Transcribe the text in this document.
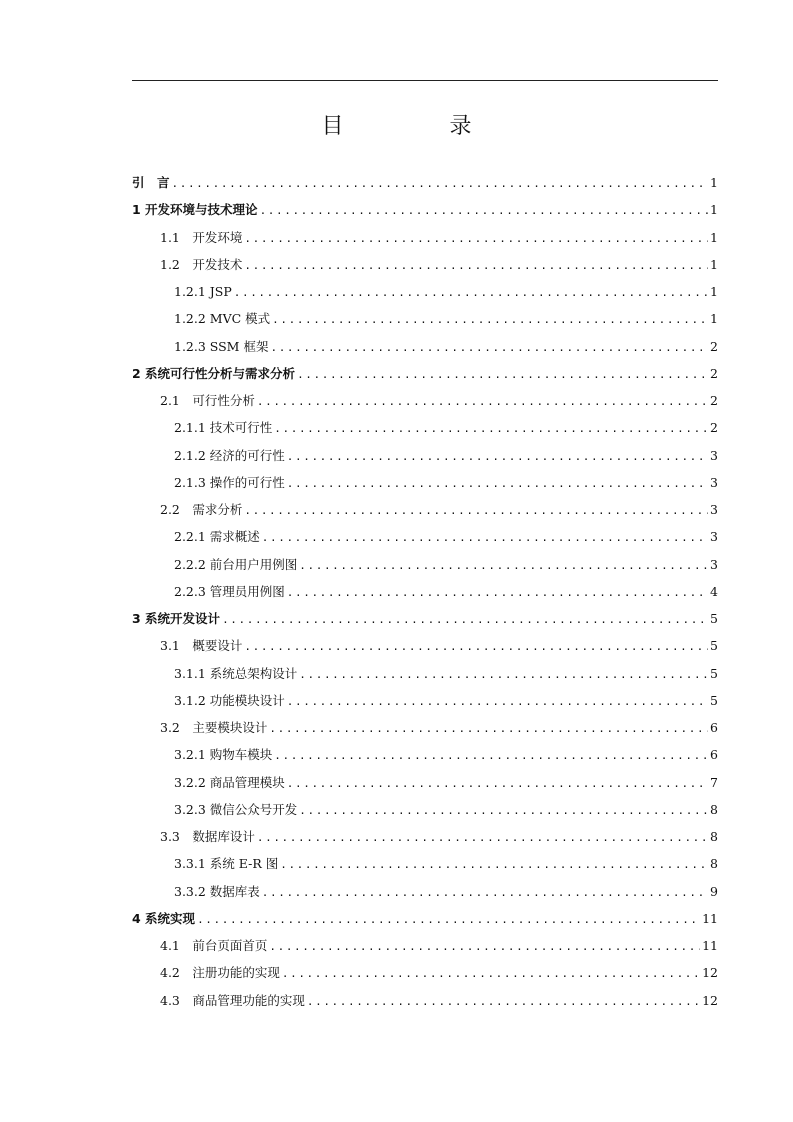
目　录
引　言 .....	1
1 开发环境与技术理论 .....	1
1.1　开发环境 .....	1
1.2　开发技术 .....	1
1.2.1 JSP .....	1
1.2.2 MVC 模式 .....	1
1.2.3 SSM 框架 .....	2
2 系统可行性分析与需求分析 .....	2
2.1　可行性分析 .....	2
2.1.1 技术可行性 .....	2
2.1.2 经济的可行性 .....	3
2.1.3 操作的可行性 .....	3
2.2　需求分析 .....	3
2.2.1 需求概述 .....	3
2.2.2 前台用户用例图 .....	3
2.2.3 管理员用例图 .....	4
3 系统开发设计 .....	5
3.1　概要设计 .....	5
3.1.1 系统总架构设计 .....	5
3.1.2 功能模块设计 .....	5
3.2　主要模块设计 .....	6
3.2.1 购物车模块 .....	6
3.2.2 商品管理模块 .....	7
3.2.3 微信公众号开发 .....	8
3.3　数据库设计 .....	8
3.3.1 系统 E-R 图 .....	8
3.3.2 数据库表 .....	9
4 系统实现 .....	11
4.1　前台页面首页 .....	11
4.2　注册功能的实现 .....	12
4.3　商品管理功能的实现 .....	12
